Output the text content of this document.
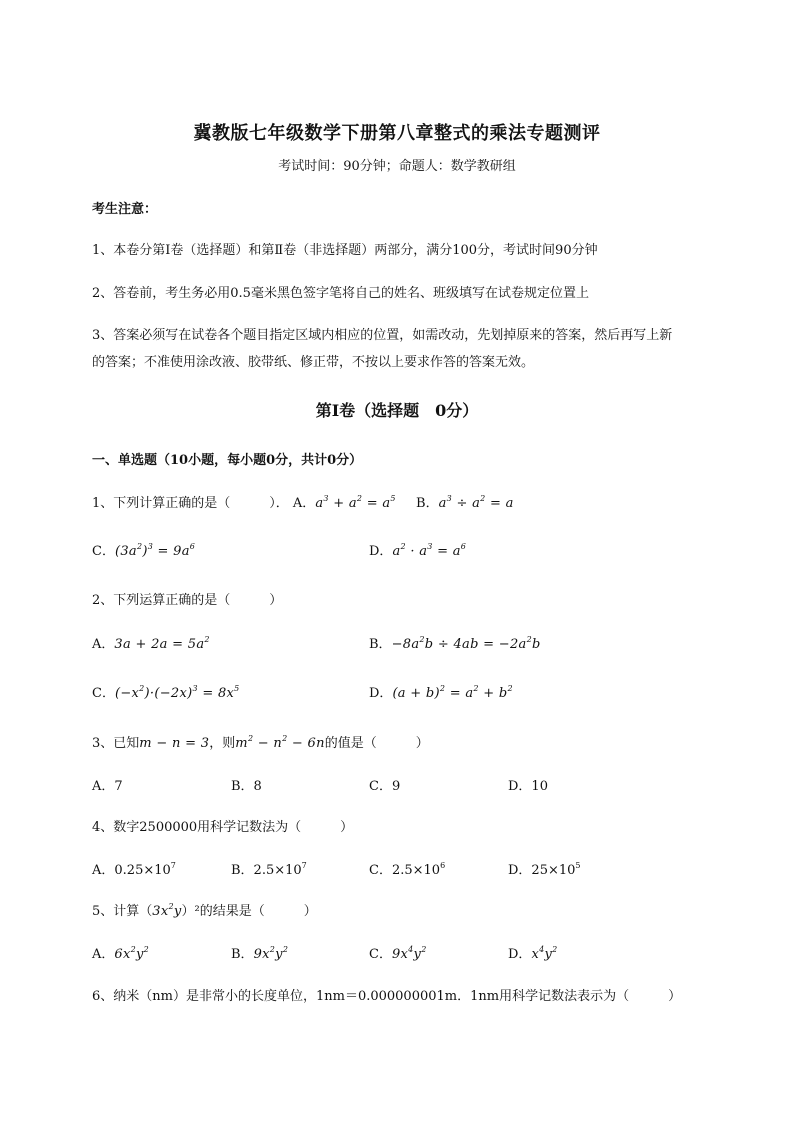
冀教版七年级数学下册第八章整式的乘法专题测评
考试时间：90分钟；命题人：数学教研组
考生注意：
1、本卷分第Ⅰ卷（选择题）和第Ⅱ卷（非选择题）两部分，满分100分，考试时间90分钟
2、答卷前，考生务必用0.5毫米黑色签字笔将自己的姓名、班级填写在试卷规定位置上
3、答案必须写在试卷各个题目指定区域内相应的位置，如需改动，先划掉原来的答案，然后再写上新
的答案；不准使用涂改液、胶带纸、修正带，不按以上要求作答的答案无效。
第Ⅰ卷（选择题　0分）
一、单选题（10小题，每小题0分，共计0分）
1、下列计算正确的是（　　　）． A．$a^3 + a^2 = a^5$ B．$a^3 \div a^2 = a$
C．$(3a^2)^3 = 9a^6$	D．$a^2 \cdot a^3 = a^6$
2、下列运算正确的是（　　　）
A．$3a + 2a = 5a^2$	B．$-8a^2b \div 4ab = -2a^2b$
C．$(-x^2)\cdot(-2x)^3 = 8x^5$	D．$(a + b)^2 = a^2 + b^2$
3、已知m − n = 3，则$m^2 - n^2 - 6n$的值是（　　　）
A．7	B．8	C．9	D．10
4、数字2500000用科学记数法为（　　　）
A．$0.25\times 10^7$	B．$2.5\times 10^7$	C．$2.5\times 10^6$	D．$25\times 10^5$
5、计算$(3x^2y)^2$的结果是（　　　）
A．$6x^2y^2$	B．$9x^2y^2$	C．$9x^4y^2$	D．$x^4y^2$
6、纳米（nm）是非常小的长度单位，1nm＝0.000000001m．1nm用科学记数法表示为（　　　）
